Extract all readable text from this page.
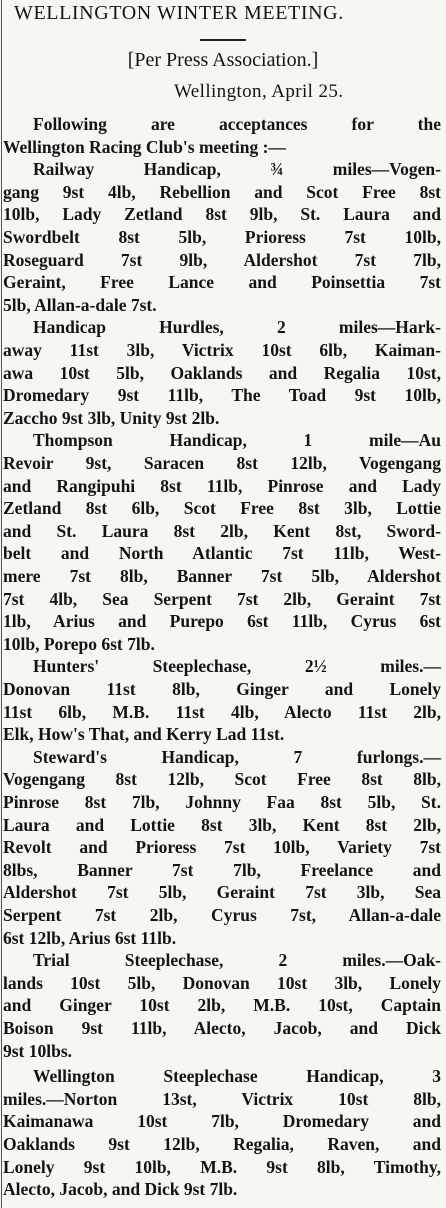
WELLINGTON WINTER MEETING.
[Per Press Association.]
Wellington, April 25.
Following are acceptances for the
Wellington Racing Club's meeting :—
Railway Handicap, ¾ miles—Vogen-
gang 9st 4lb, Rebellion and Scot Free 8st
10lb, Lady Zetland 8st 9lb, St. Laura and
Swordbelt 8st 5lb, Prioress 7st 10lb,
Roseguard 7st 9lb, Aldershot 7st 7lb,
Geraint, Free Lance and Poinsettia 7st
5lb, Allan-a-dale 7st.
Handicap Hurdles, 2 miles—Hark-
away 11st 3lb, Victrix 10st 6lb, Kaiman-
awa 10st 5lb, Oaklands and Regalia 10st,
Dromedary 9st 11lb, The Toad 9st 10lb,
Zaccho 9st 3lb, Unity 9st 2lb.
Thompson Handicap, 1 mile—Au
Revoir 9st, Saracen 8st 12lb, Vogengang
and Rangipuhi 8st 11lb, Pinrose and Lady
Zetland 8st 6lb, Scot Free 8st 3lb, Lottie
and St. Laura 8st 2lb, Kent 8st, Sword-
belt and North Atlantic 7st 11lb, West-
mere 7st 8lb, Banner 7st 5lb, Aldershot
7st 4lb, Sea Serpent 7st 2lb, Geraint 7st
1lb, Arius and Purepo 6st 11lb, Cyrus 6st
10lb, Porepo 6st 7lb.
Hunters' Steeplechase, 2½ miles.—
Donovan 11st 8lb, Ginger and Lonely
11st 6lb, M.B. 11st 4lb, Alecto 11st 2lb,
Elk, How's That, and Kerry Lad 11st.
Steward's Handicap, 7 furlongs.—
Vogengang 8st 12lb, Scot Free 8st 8lb,
Pinrose 8st 7lb, Johnny Faa 8st 5lb, St.
Laura and Lottie 8st 3lb, Kent 8st 2lb,
Revolt and Prioress 7st 10lb, Variety 7st
8lbs, Banner 7st 7lb, Freelance and
Aldershot 7st 5lb, Geraint 7st 3lb, Sea
Serpent 7st 2lb, Cyrus 7st, Allan-a-dale
6st 12lb, Arius 6st 11lb.
Trial Steeplechase, 2 miles.—Oak-
lands 10st 5lb, Donovan 10st 3lb, Lonely
and Ginger 10st 2lb, M.B. 10st, Captain
Boison 9st 11lb, Alecto, Jacob, and Dick
9st 10lbs.
Wellington Steeplechase Handicap, 3
miles.—Norton 13st, Victrix 10st 8lb,
Kaimanawa 10st 7lb, Dromedary and
Oaklands 9st 12lb, Regalia, Raven, and
Lonely 9st 10lb, M.B. 9st 8lb, Timothy,
Alecto, Jacob, and Dick 9st 7lb.
